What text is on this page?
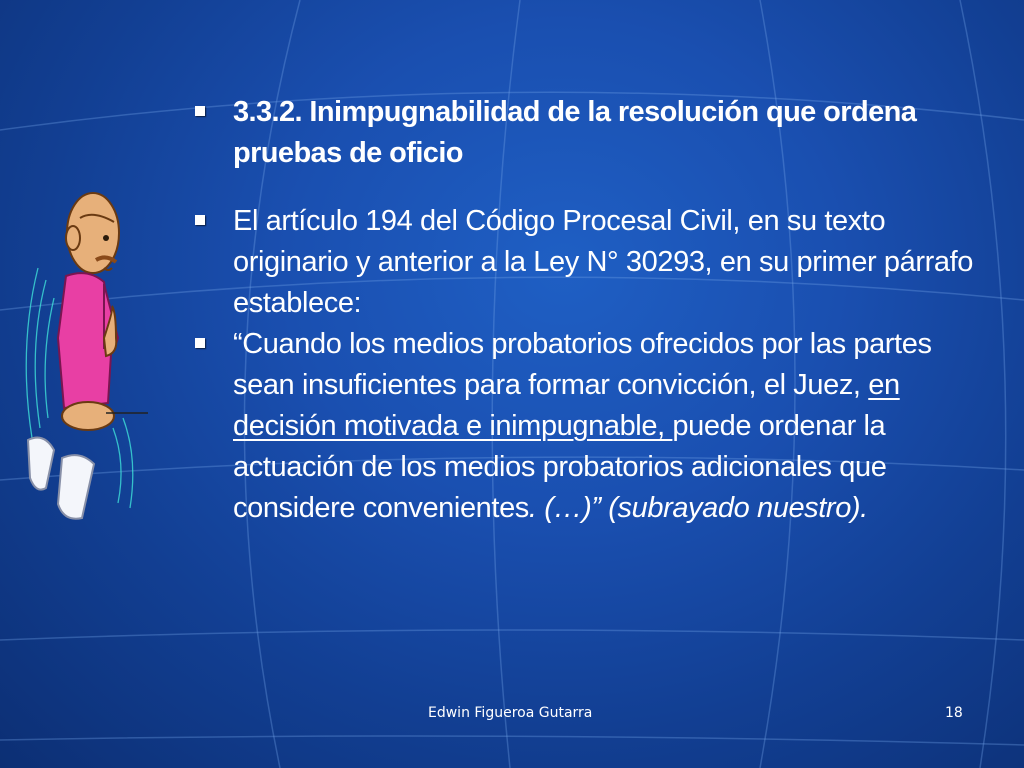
3.3.2. Inimpugnabilidad de la resolución que ordena pruebas de oficio
El artículo 194 del Código Procesal Civil, en su texto originario y anterior a la Ley N° 30293, en su primer párrafo establece:
“Cuando los medios probatorios ofrecidos por las partes sean insuficientes para formar convicción, el Juez, en decisión motivada e inimpugnable, puede ordenar la actuación de los medios probatorios adicionales que considere convenientes. (…)” (subrayado nuestro).
Edwin Figueroa Gutarra	18
